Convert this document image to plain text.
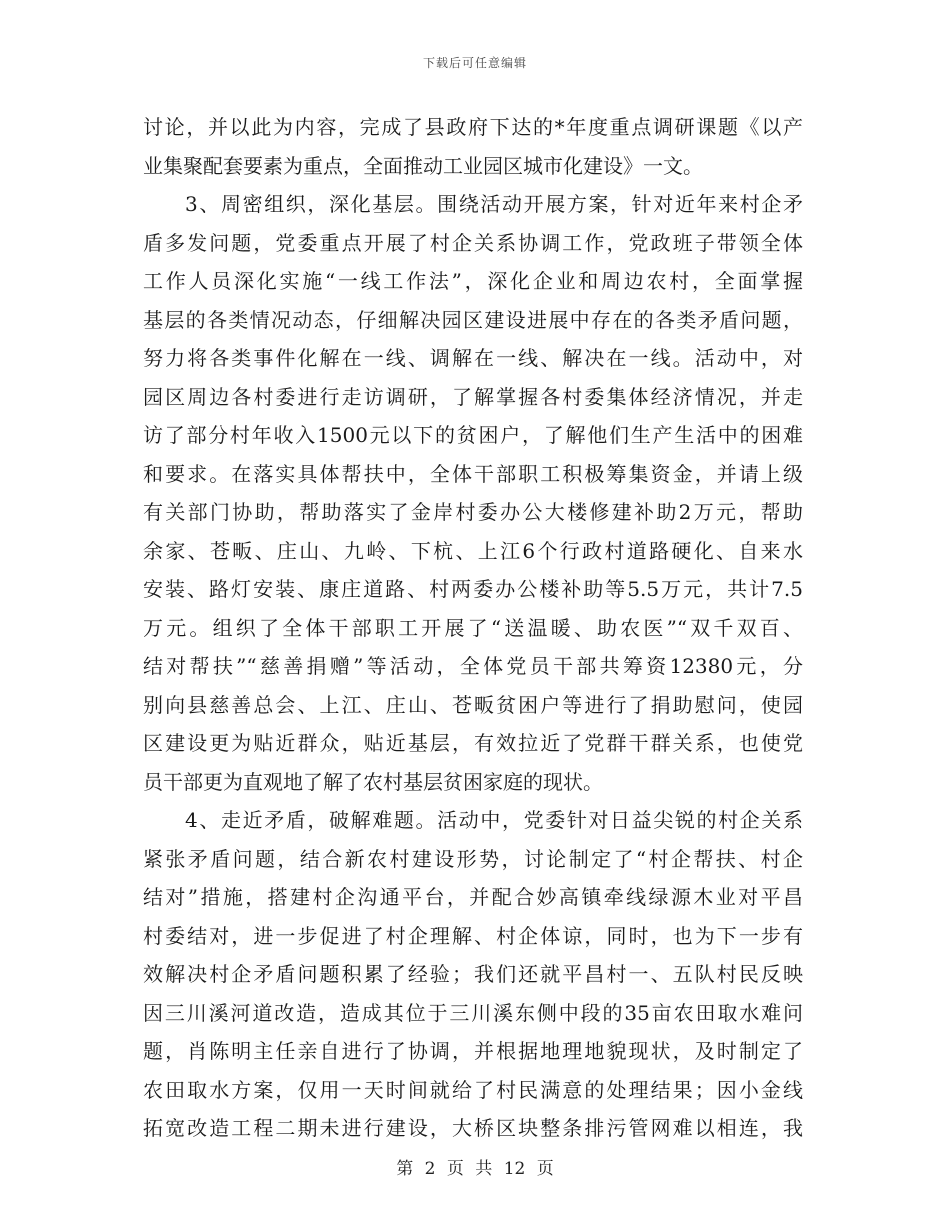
下载后可任意编辑
讨论，并以此为内容，完成了县政府下达的*年度重点调研课题《以产
业集聚配套要素为重点，全面推动工业园区城市化建设》一文。
3、周密组织，深化基层。围绕活动开展方案，针对近年来村企矛
盾多发问题，党委重点开展了村企关系协调工作，党政班子带领全体
工作人员深化实施“一线工作法”，深化企业和周边农村，全面掌握
基层的各类情况动态，仔细解决园区建设进展中存在的各类矛盾问题，
努力将各类事件化解在一线、调解在一线、解决在一线。活动中，对
园区周边各村委进行走访调研，了解掌握各村委集体经济情况，并走
访了部分村年收入1500元以下的贫困户，了解他们生产生活中的困难
和要求。在落实具体帮扶中，全体干部职工积极筹集资金，并请上级
有关部门协助，帮助落实了金岸村委办公大楼修建补助2万元，帮助
余家、苍畈、庄山、九岭、下杭、上江6个行政村道路硬化、自来水
安装、路灯安装、康庄道路、村两委办公楼补助等5.5万元，共计7.5
万元。组织了全体干部职工开展了“送温暖、助农医”“双千双百、
结对帮扶”“慈善捐赠”等活动，全体党员干部共筹资12380元，分
别向县慈善总会、上江、庄山、苍畈贫困户等进行了捐助慰问，使园
区建设更为贴近群众，贴近基层，有效拉近了党群干群关系，也使党
员干部更为直观地了解了农村基层贫困家庭的现状。
4、走近矛盾，破解难题。活动中，党委针对日益尖锐的村企关系
紧张矛盾问题，结合新农村建设形势，讨论制定了“村企帮扶、村企
结对”措施，搭建村企沟通平台，并配合妙高镇牵线绿源木业对平昌
村委结对，进一步促进了村企理解、村企体谅，同时，也为下一步有
效解决村企矛盾问题积累了经验；我们还就平昌村一、五队村民反映
因三川溪河道改造，造成其位于三川溪东侧中段的35亩农田取水难问
题，肖陈明主任亲自进行了协调，并根据地理地貌现状，及时制定了
农田取水方案，仅用一天时间就给了村民满意的处理结果；因小金线
拓宽改造工程二期未进行建设，大桥区块整条排污管网难以相连，我
第 2 页 共 12 页
